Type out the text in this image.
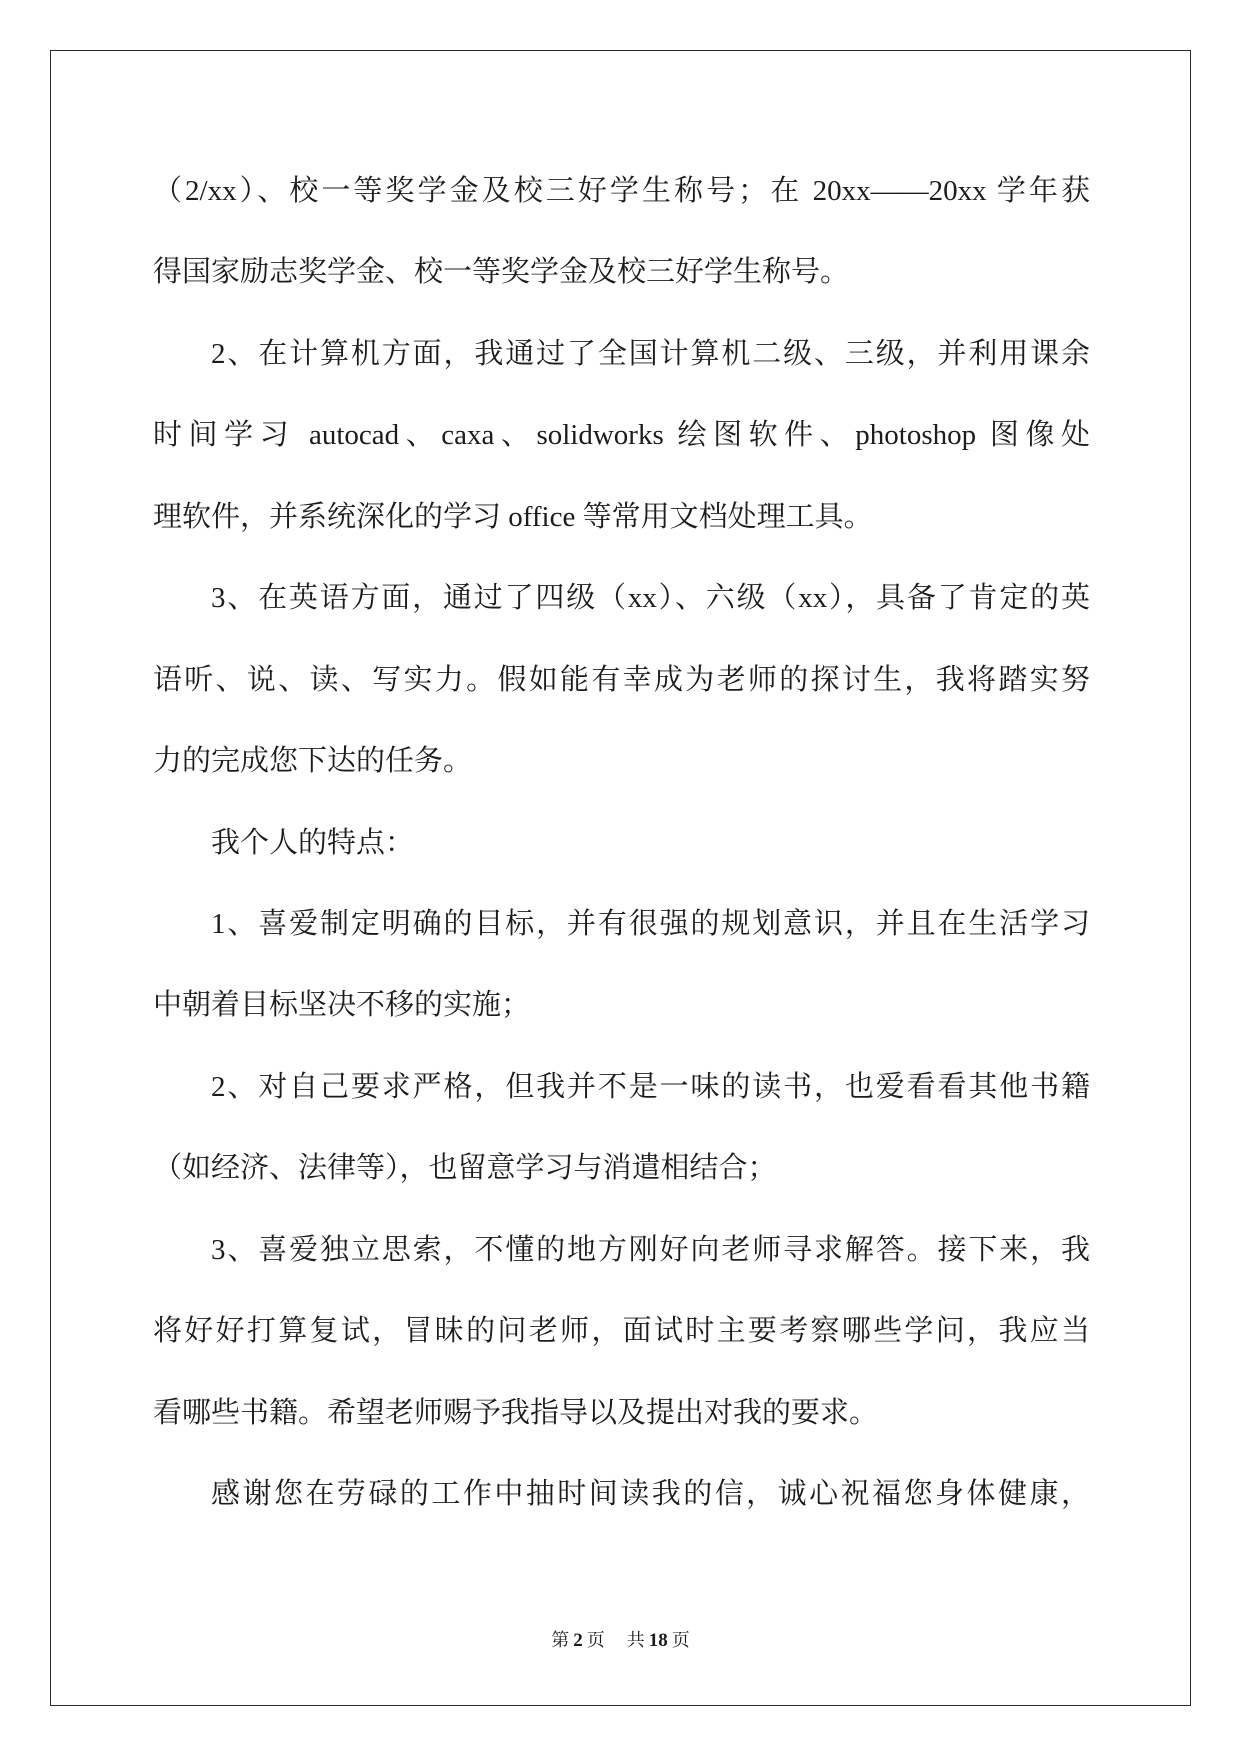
（2/xx）、校一等奖学金及校三好学生称号；在 20xx——20xx 学年获
得国家励志奖学金、校一等奖学金及校三好学生称号。
2、在计算机方面，我通过了全国计算机二级、三级，并利用课余
时间学习 autocad、caxa、solidworks 绘图软件、photoshop 图像处
理软件，并系统深化的学习 office 等常用文档处理工具。
3、在英语方面，通过了四级（xx）、六级（xx），具备了肯定的英
语听、说、读、写实力。假如能有幸成为老师的探讨生，我将踏实努
力的完成您下达的任务。
我个人的特点：
1、喜爱制定明确的目标，并有很强的规划意识，并且在生活学习
中朝着目标坚决不移的实施；
2、对自己要求严格，但我并不是一味的读书，也爱看看其他书籍
（如经济、法律等），也留意学习与消遣相结合；
3、喜爱独立思索，不懂的地方刚好向老师寻求解答。接下来，我
将好好打算复试，冒昧的问老师，面试时主要考察哪些学问，我应当
看哪些书籍。希望老师赐予我指导以及提出对我的要求。
感谢您在劳碌的工作中抽时间读我的信，诚心祝福您身体健康，
第 2 页 共 18 页
